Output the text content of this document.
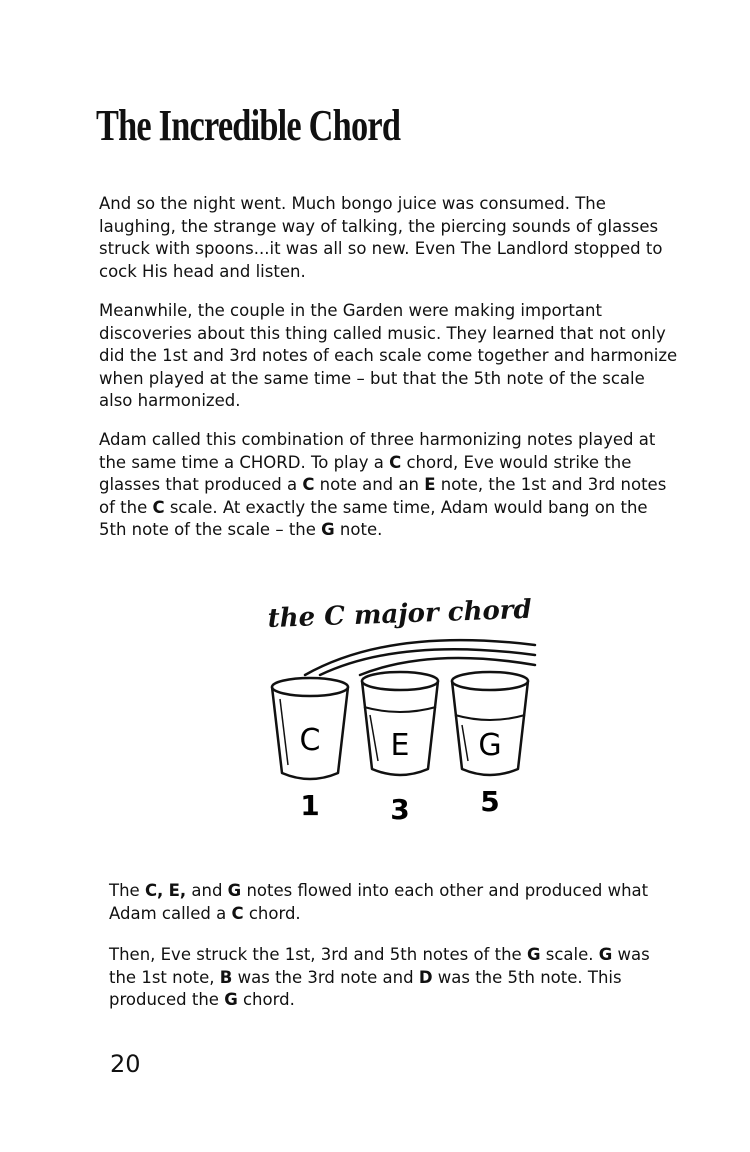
The Incredible Chord
And so the night went. Much bongo juice was consumed. The
laughing, the strange way of talking, the piercing sounds of glasses
struck with spoons...it was all so new. Even The Landlord stopped to
cock His head and listen.
Meanwhile, the couple in the Garden were making important
discoveries about this thing called music. They learned that not only
did the 1st and 3rd notes of each scale come together and harmonize
when played at the same time – but that the 5th note of the scale
also harmonized.
Adam called this combination of three harmonizing notes played at
the same time a CHORD. To play a C chord, Eve would strike the
glasses that produced a C note and an E note, the 1st and 3rd notes
of the C scale. At exactly the same time, Adam would bang on the
5th note of the scale – the G note.
the C major chord
C E G
1	3	5
The C, E, and G notes flowed into each other and produced what
Adam called a C chord.
Then, Eve struck the 1st, 3rd and 5th notes of the G scale. G was
the 1st note, B was the 3rd note and D was the 5th note. This
produced the G chord.
20
